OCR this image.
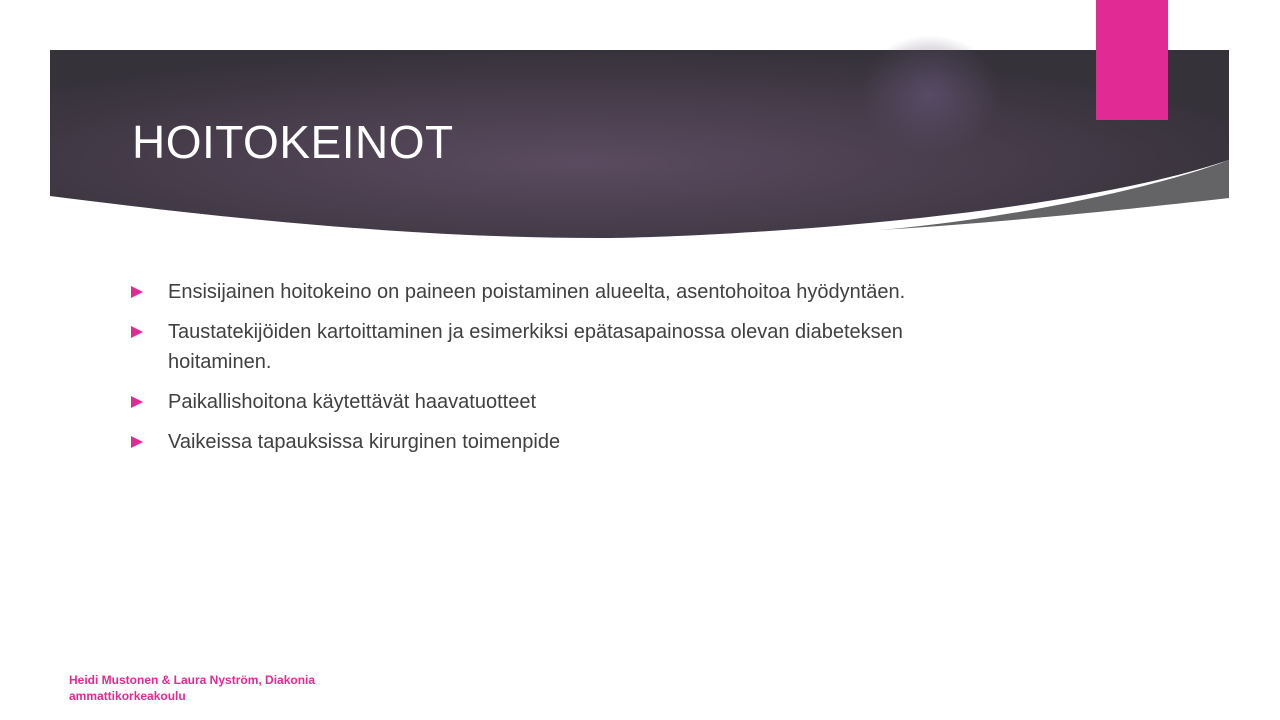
HOITOKEINOT
Ensisijainen hoitokeino on paineen poistaminen alueelta, asentohoitoa hyödyntäen.
Taustatekijöiden kartoittaminen ja esimerkiksi epätasapainossa olevan diabeteksen hoitaminen.
Paikallishoitona käytettävät haavatuotteet
Vaikeissa tapauksissa kirurginen toimenpide
Heidi Mustonen & Laura Nyström, Diakonia ammattikorkeakoulu
